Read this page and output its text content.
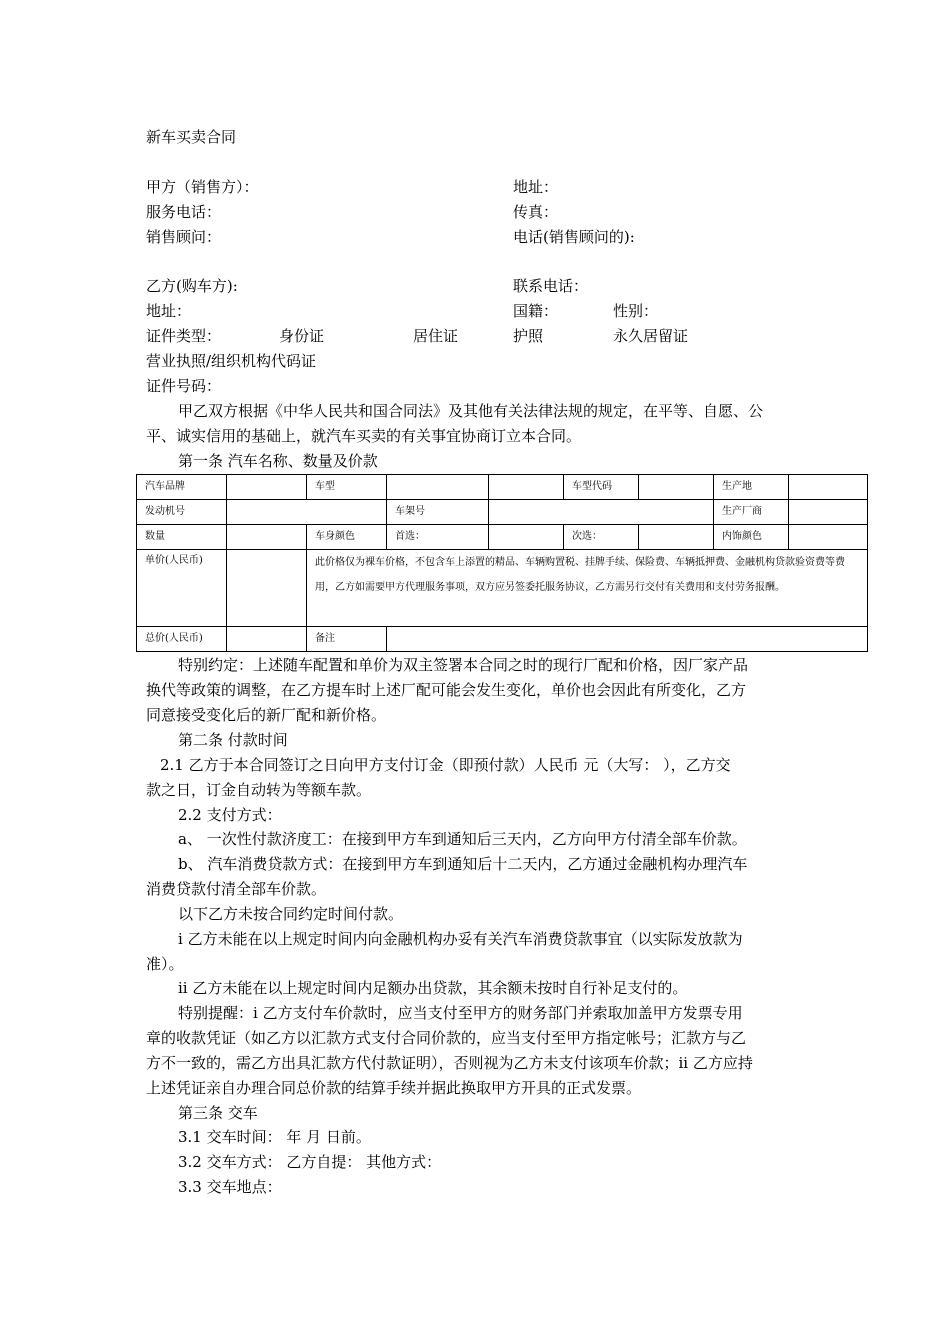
新车买卖合同
甲方（销售方）：	地址：
服务电话：	传真：
销售顾问：	电话(销售顾问的):
乙方(购车方):	联系电话：
地址：	国籍：	性别：
证件类型：	身份证	居住证	护照	永久居留证
营业执照/组织机构代码证
证件号码：
甲乙双方根据《中华人民共和国合同法》及其他有关法律法规的规定，在平等、自愿、公
平、诚实信用的基础上，就汽车买卖的有关事宜协商订立本合同。
第一条 汽车名称、数量及价款
汽车品牌		车型			车型代码		生产地	
发动机号			车架号				生产厂商	
数量		车身颜色	首选：		次选：		内饰颜色	
单价(人民币)		此价格仅为裸车价格，不包含车上添置的精品、车辆购置税、挂牌手续、保险费、车辆抵押费、金融机构贷款验资费等费用，乙方如需要甲方代理服务事项，双方应另签委托服务协议，乙方需另行交付有关费用和支付劳务报酬。						
总价(人民币)		备注						
特别约定：上述随车配置和单价为双主签署本合同之时的现行厂配和价格，因厂家产品
换代等政策的调整，在乙方提车时上述厂配可能会发生变化，单价也会因此有所变化，乙方
同意接受变化后的新厂配和新价格。
第二条 付款时间
2.1 乙方于本合同签订之日向甲方支付订金（即预付款）人民币 元（大写： ），乙方交
款之日，订金自动转为等额车款。
2.2 支付方式：
a、 一次性付款济度工：在接到甲方车到通知后三天内，乙方向甲方付清全部车价款。
b、 汽车消费贷款方式：在接到甲方车到通知后十二天内，乙方通过金融机构办理汽车
消费贷款付清全部车价款。
以下乙方未按合同约定时间付款。
i 乙方未能在以上规定时间内向金融机构办妥有关汽车消费贷款事宜（以实际发放款为
准）。
ii 乙方未能在以上规定时间内足额办出贷款，其余额未按时自行补足支付的。
特别提醒：i 乙方支付车价款时，应当支付至甲方的财务部门并索取加盖甲方发票专用
章的收款凭证（如乙方以汇款方式支付合同价款的，应当支付至甲方指定帐号；汇款方与乙
方不一致的，需乙方出具汇款方代付款证明），否则视为乙方未支付该项车价款；ii 乙方应持
上述凭证亲自办理合同总价款的结算手续并据此换取甲方开具的正式发票。
第三条 交车
3.1 交车时间： 年 月 日前。
3.2 交车方式： 乙方自提： 其他方式：
3.3 交车地点：
